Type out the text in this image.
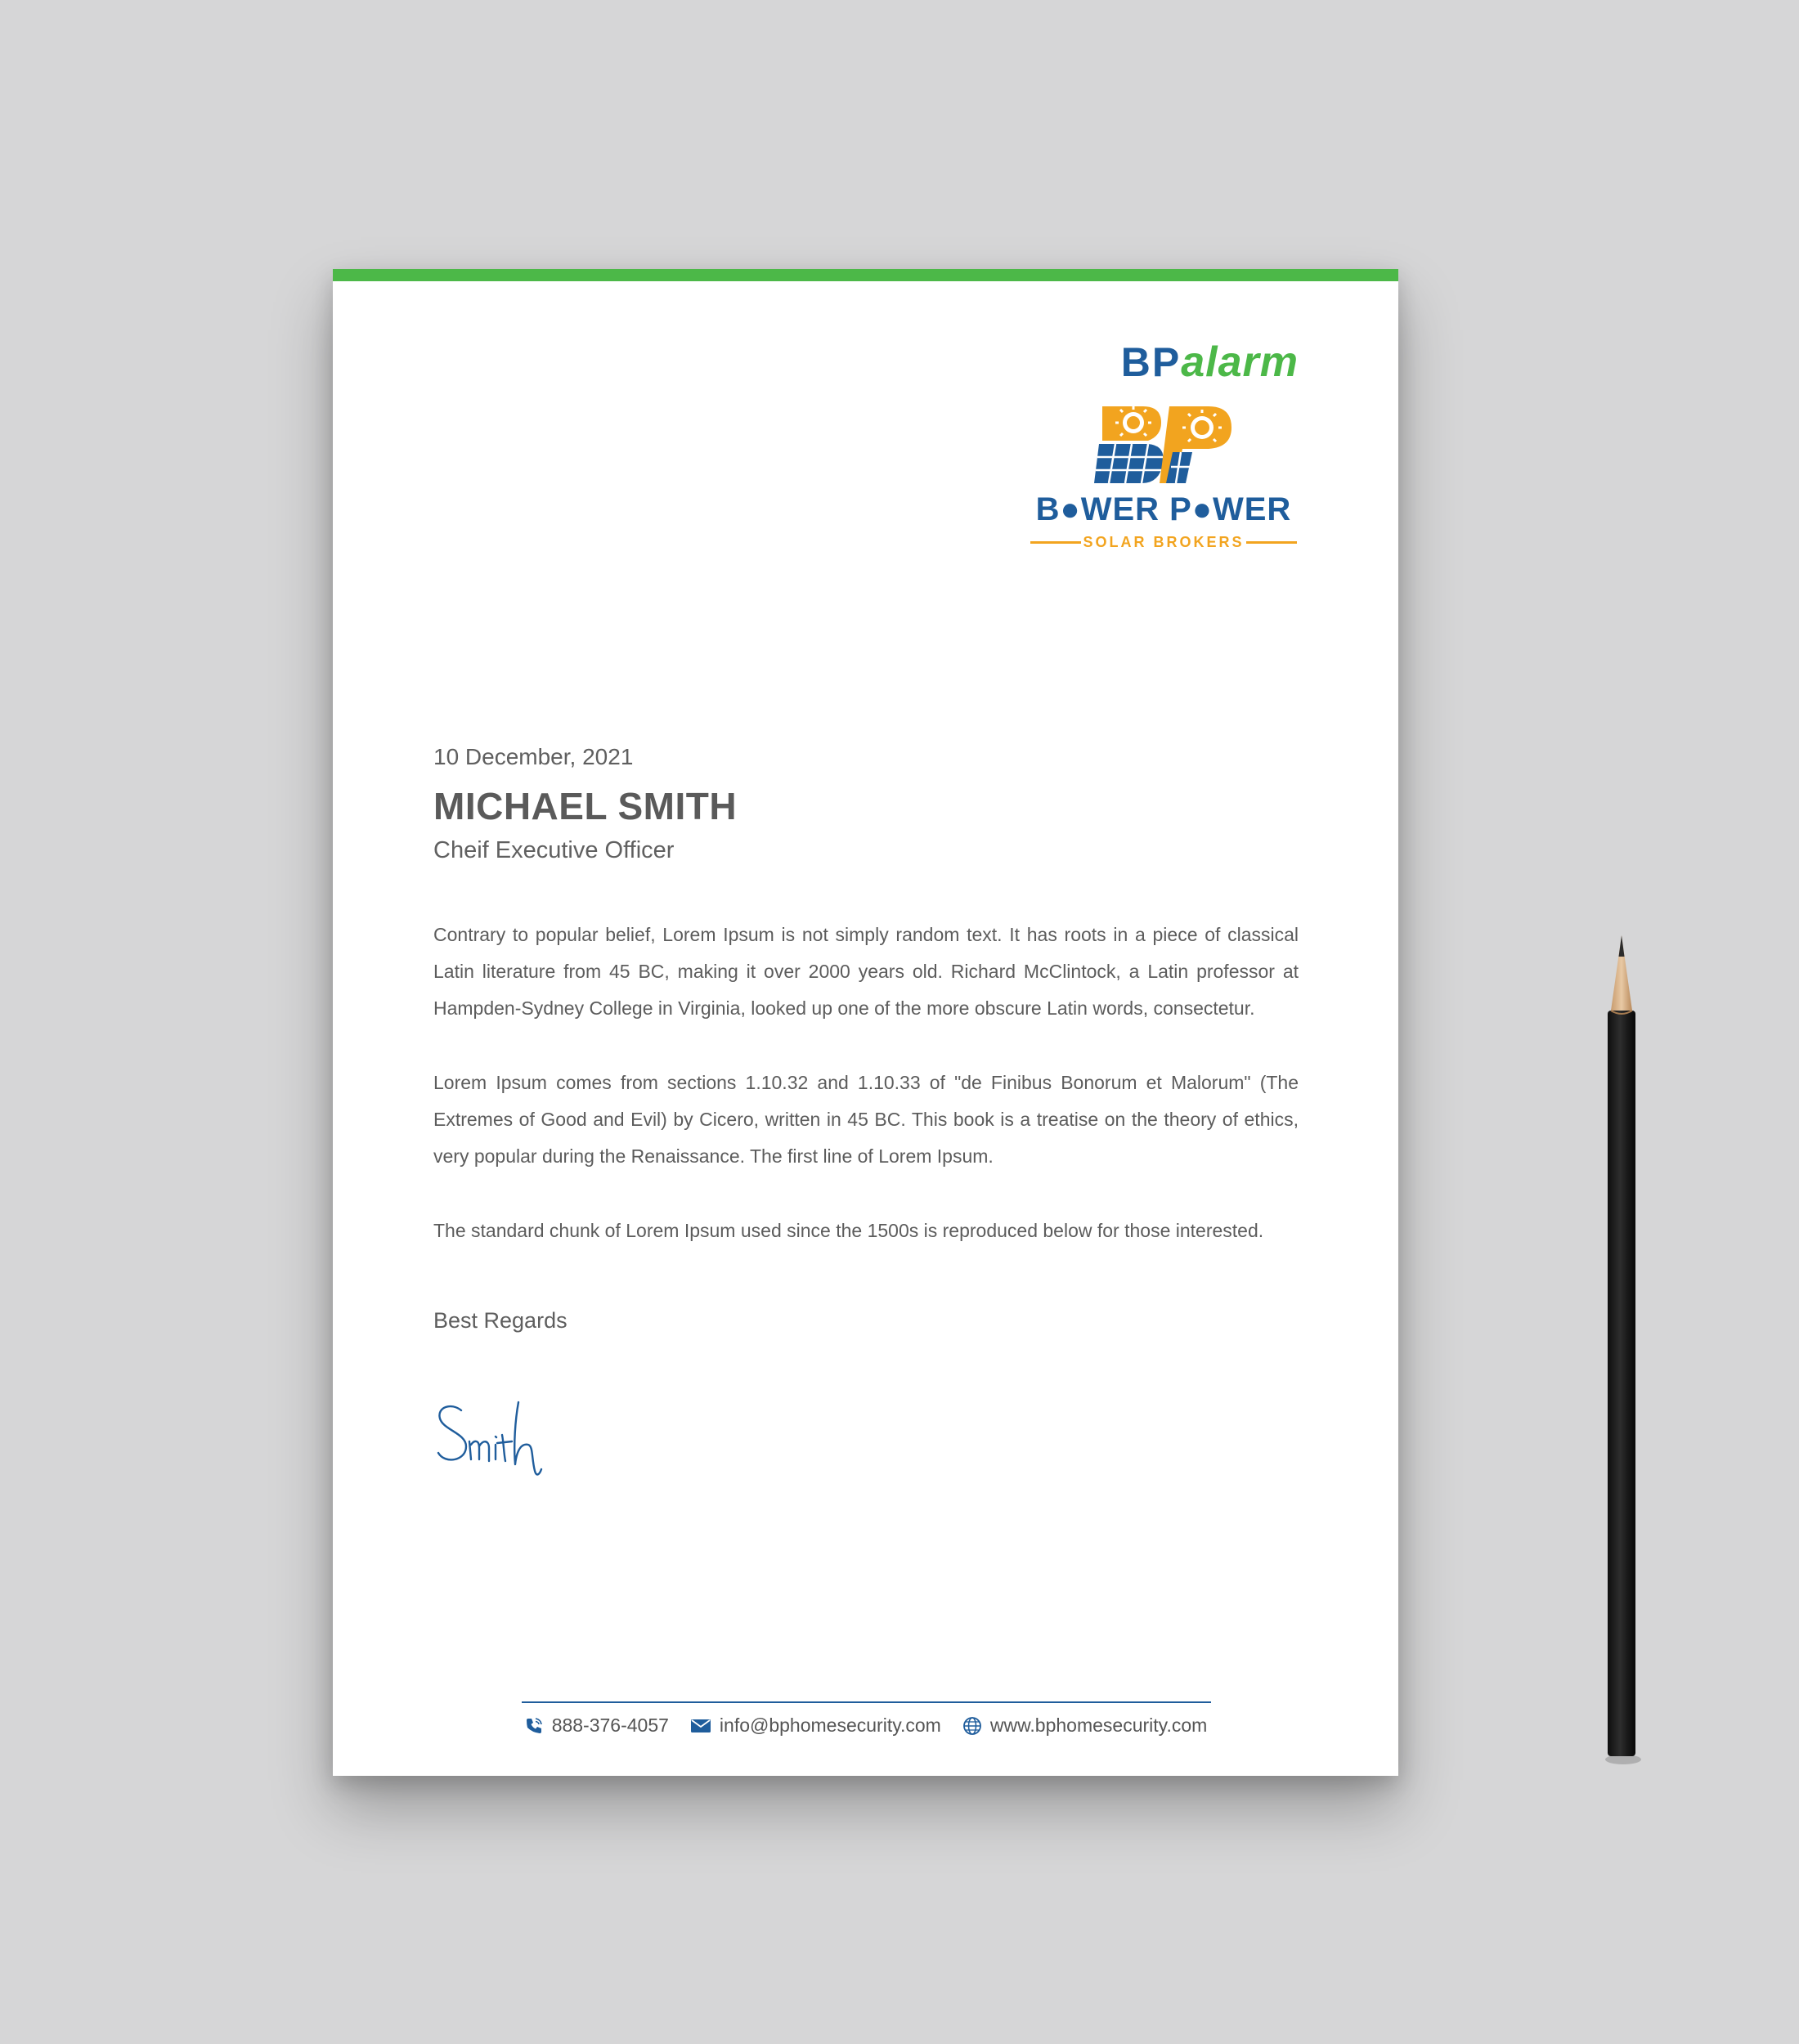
BPalarm
B●WER P●WER
SOLAR BROKERS
10 December, 2021
MICHAEL SMITH
Cheif Executive Officer

Contrary to popular belief, Lorem Ipsum is not simply random text. It has roots in a piece of classical Latin literature from 45 BC, making it over 2000 years old. Richard McClintock, a Latin professor at Hampden-Sydney College in Virginia, looked up one of the more obscure Latin words, consectetur.

Lorem Ipsum comes from sections 1.10.32 and 1.10.33 of "de Finibus Bonorum et Malorum" (The Extremes of Good and Evil) by Cicero, written in 45 BC. This book is a treatise on the theory of ethics, very popular during the Renaissance. The first line of Lorem Ipsum.

The standard chunk of Lorem Ipsum used since the 1500s is reproduced below for those interested.

Best Regards
888-376-4057	info@bphomesecurity.com	www.bphomesecurity.com
